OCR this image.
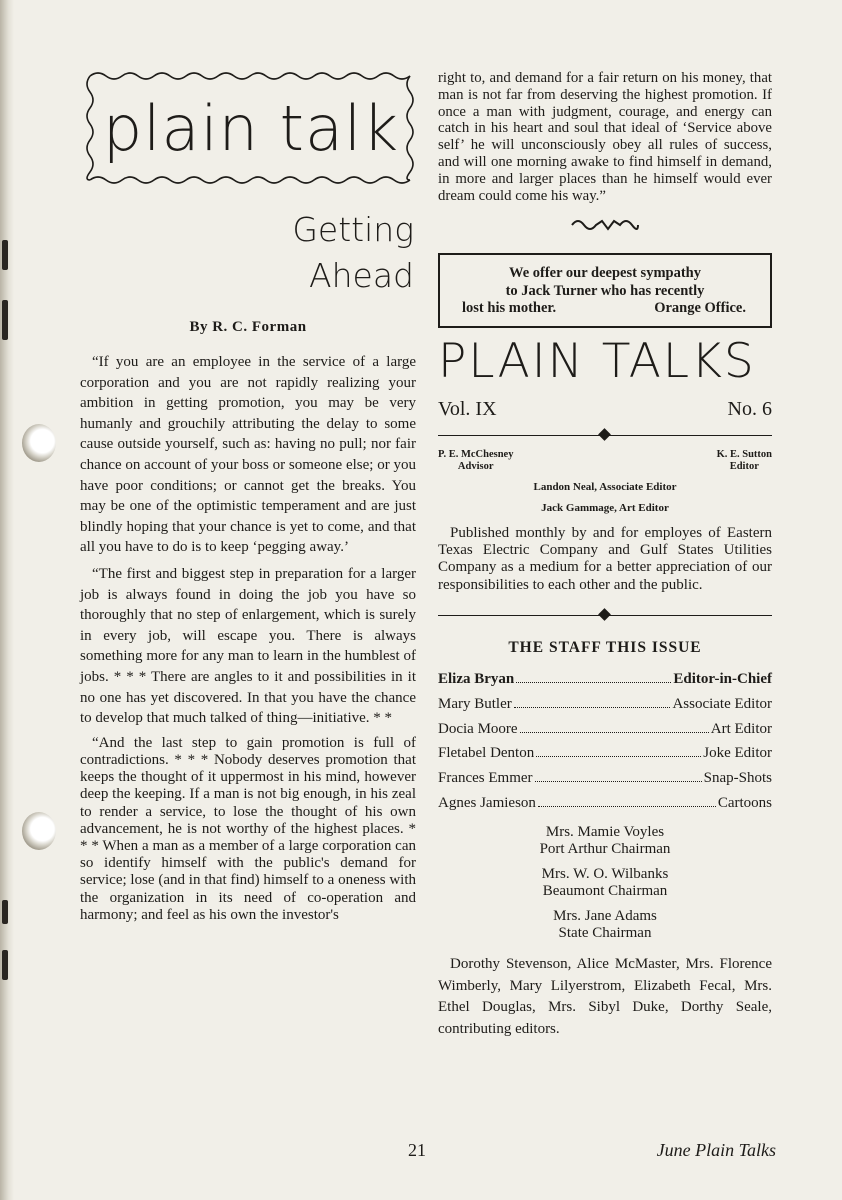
plain talk
Getting
Ahead
By R. C. Forman

“If you are an employee in the service of a large corporation and you are not rapidly realizing your ambition in getting promotion, you may be very humanly and grouchily attributing the delay to some cause outside yourself, such as: having no pull; nor fair chance on account of your boss or someone else; or you have poor conditions; or cannot get the breaks. You may be one of the optimistic temperament and are just blindly hoping that your chance is yet to come, and that all you have to do is to keep ‘pegging away.’

“The first and biggest step in preparation for a larger job is always found in doing the job you have so thoroughly that no step of enlargement, which is surely in every job, will escape you. There is always something more for any man to learn in the humblest of jobs. * * * There are angles to it and possibilities in it no one has yet discovered. In that you have the chance to develop that much talked of thing—initiative. * *

“And the last step to gain promotion is full of contradictions. * * * Nobody deserves promotion that keeps the thought of it uppermost in his mind, however deep the keeping. If a man is not big enough, in his zeal to render a service, to lose the thought of his own advancement, he is not worthy of the highest places. * * * When a man as a member of a large corporation can so identify himself with the public's demand for service; lose (and in that find) himself to a oneness with the organization in its need of co-operation and harmony; and feel as his own the investor's

right to, and demand for a fair return on his money, that man is not far from deserving the highest promotion. If once a man with judgment, courage, and energy can catch in his heart and soul that ideal of ‘Service above self’ he will unconsciously obey all rules of success, and will one morning awake to find himself in demand, in more and larger places than he himself would ever dream could come his way.”

We offer our deepest sympathy
to Jack Turner who has recently
lost his mother.	Orange Office.
PLAIN TALKS
Vol. IX	No. 6
P. E. McChesney
Advisor
K. E. Sutton
Editor
Landon Neal, Associate Editor
Jack Gammage, Art Editor

Published monthly by and for employes of Eastern Texas Electric Company and Gulf States Utilities Company as a medium for a better appreciation of our responsibilities to each other and the public.

THE STAFF THIS ISSUE
Eliza Bryan	Editor-in-Chief
Mary Butler	Associate Editor
Docia Moore	Art Editor
Fletabel Denton	Joke Editor
Frances Emmer	Snap-Shots
Agnes Jamieson	Cartoons
Mrs. Mamie Voyles
Port Arthur Chairman
Mrs. W. O. Wilbanks
Beaumont Chairman
Mrs. Jane Adams
State Chairman

Dorothy Stevenson, Alice McMaster, Mrs. Florence Wimberly, Mary Lilyerstrom, Elizabeth Fecal, Mrs. Ethel Douglas, Mrs. Sibyl Duke, Dorthy Seale, contributing editors.

21	June Plain Talks
